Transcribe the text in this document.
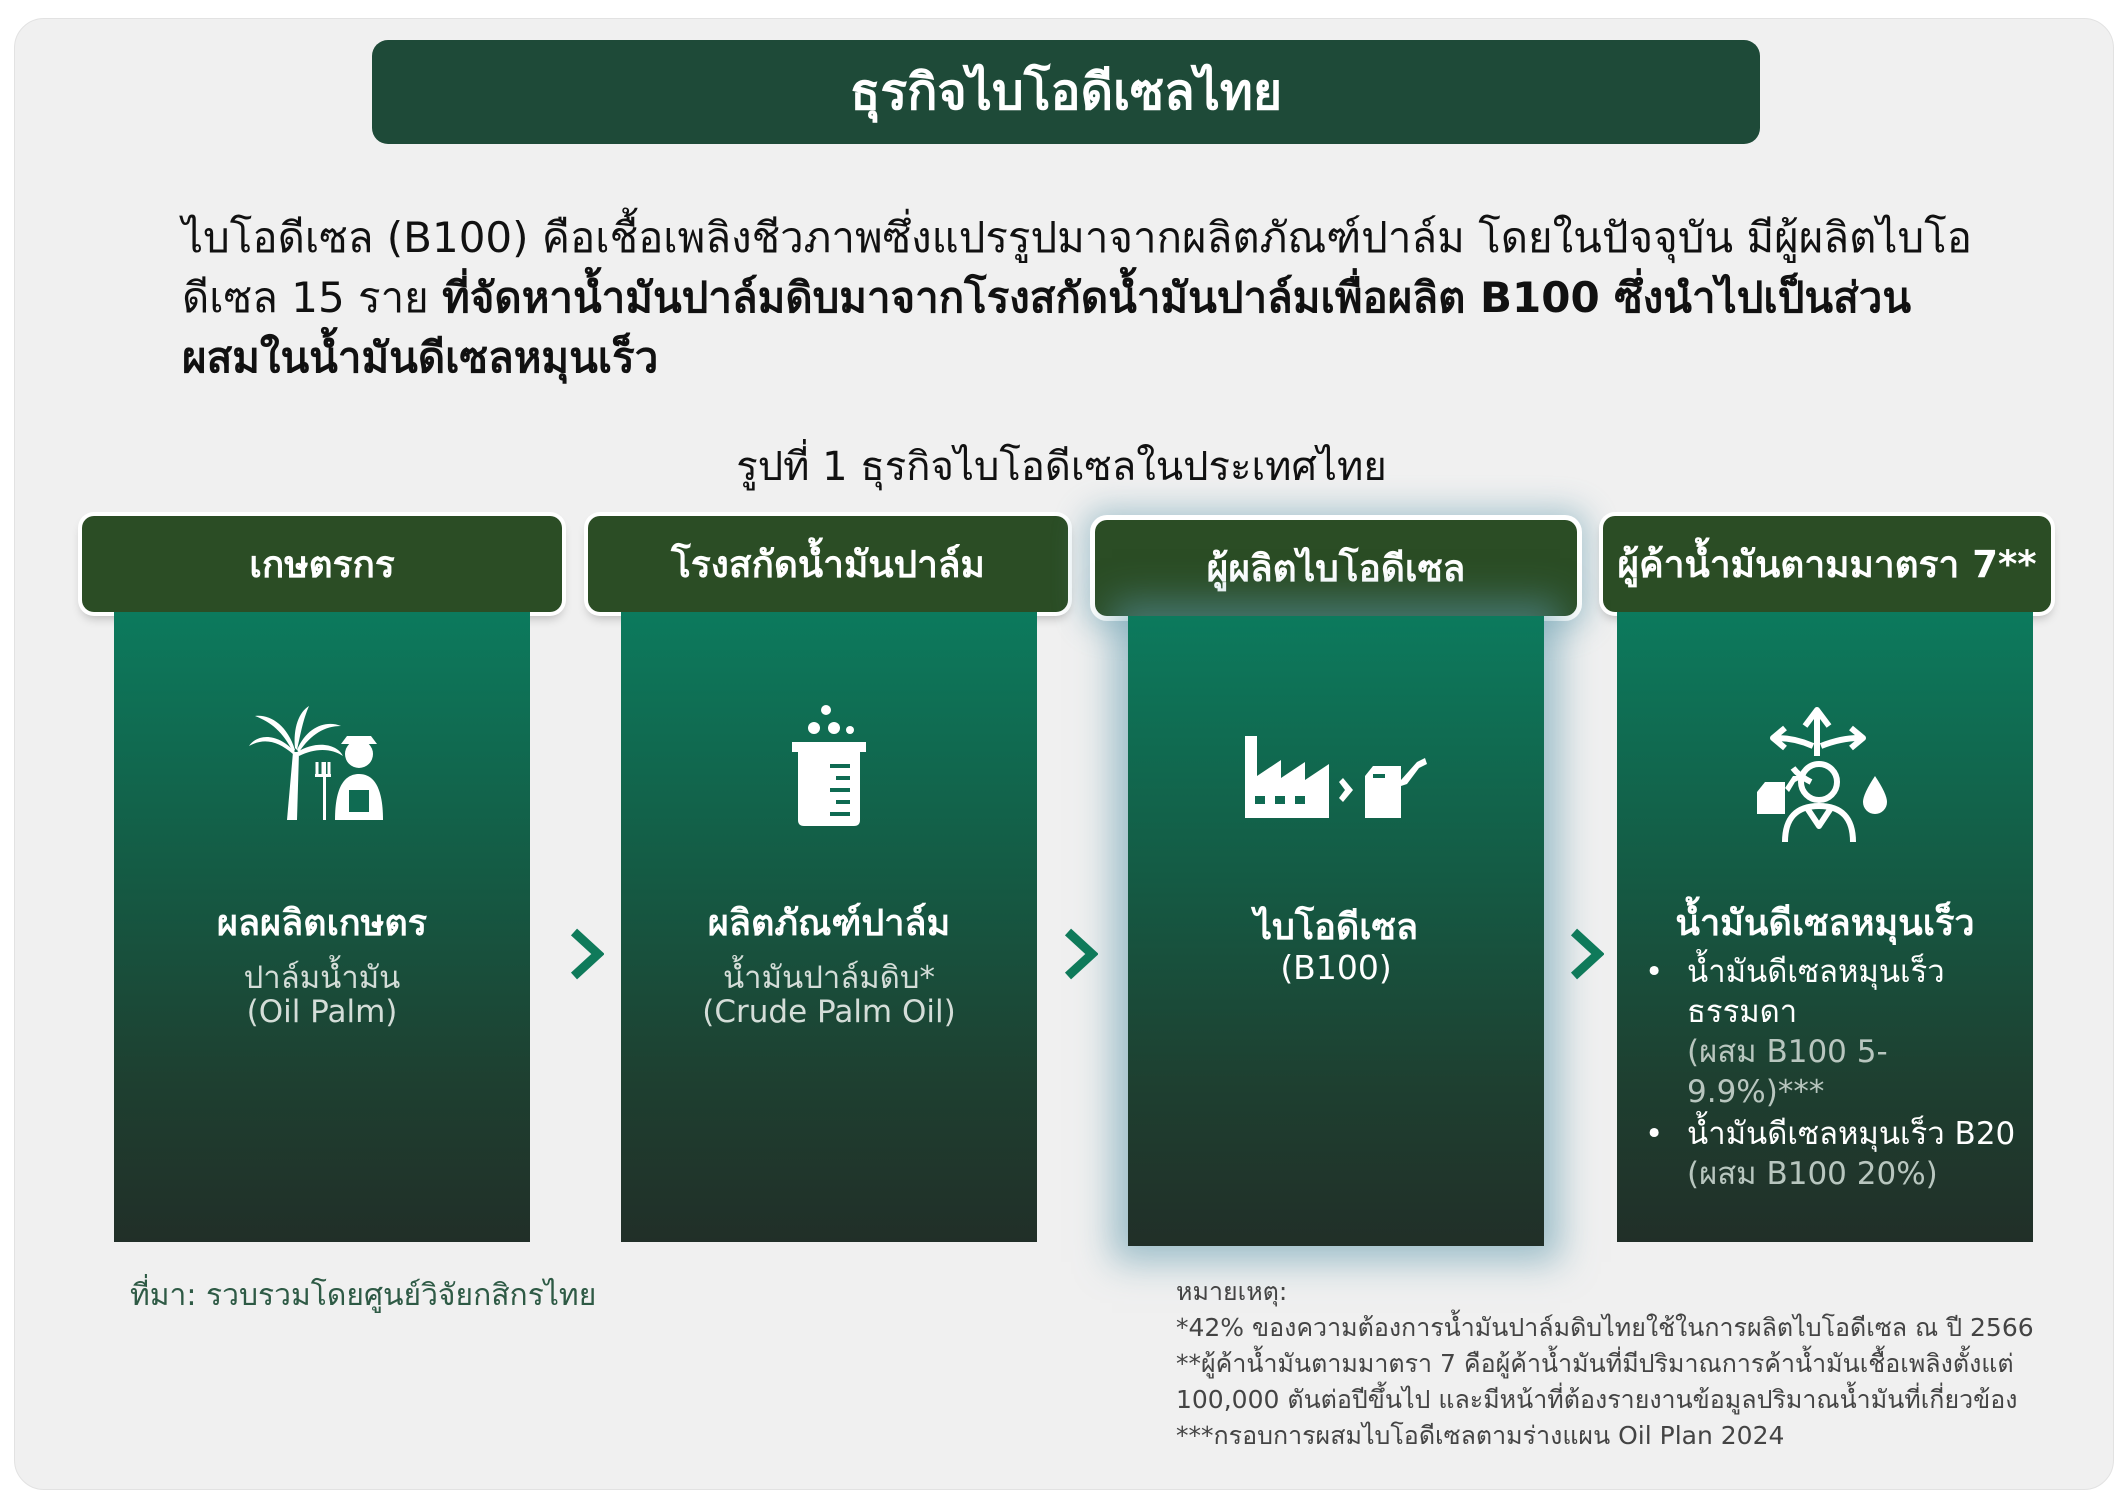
ธุรกิจไบโอดีเซลไทย
ไบโอดีเซล (B100) คือเชื้อเพลิงชีวภาพซึ่งแปรรูปมาจากผลิตภัณฑ์ปาล์ม โดยในปัจจุบัน มีผู้ผลิตไบโอดีเซล 15 ราย ที่จัดหาน้ำมันปาล์มดิบมาจากโรงสกัดน้ำมันปาล์มเพื่อผลิต B100 ซึ่งนำไปเป็นส่วนผสมในน้ำมันดีเซลหมุนเร็ว
รูปที่ 1 ธุรกิจไบโอดีเซลในประเทศไทย
เกษตรกร	โรงสกัดน้ำมันปาล์ม	ผู้ผลิตไบโอดีเซล	ผู้ค้าน้ำมันตามมาตรา 7**
ผลผลิตเกษตร
ปาล์มน้ำมัน
(Oil Palm)
ผลิตภัณฑ์ปาล์ม
น้ำมันปาล์มดิบ*
(Crude Palm Oil)
ไบโอดีเซล
(B100)
น้ำมันดีเซลหมุนเร็ว
• น้ำมันดีเซลหมุนเร็ว ธรรมดา
(ผสม B100 5-9.9%)***
• น้ำมันดีเซลหมุนเร็ว B20
(ผสม B100 20%)
ที่มา: รวบรวมโดยศูนย์วิจัยกสิกรไทย	หมายเหตุ:
*42% ของความต้องการน้ำมันปาล์มดิบไทยใช้ในการผลิตไบโอดีเซล ณ ปี 2566
**ผู้ค้าน้ำมันตามมาตรา 7 คือผู้ค้าน้ำมันที่มีปริมาณการค้าน้ำมันเชื้อเพลิงตั้งแต่
100,000 ตันต่อปีขึ้นไป และมีหน้าที่ต้องรายงานข้อมูลปริมาณน้ำมันที่เกี่ยวข้อง
***กรอบการผสมไบโอดีเซลตามร่างแผน Oil Plan 2024
